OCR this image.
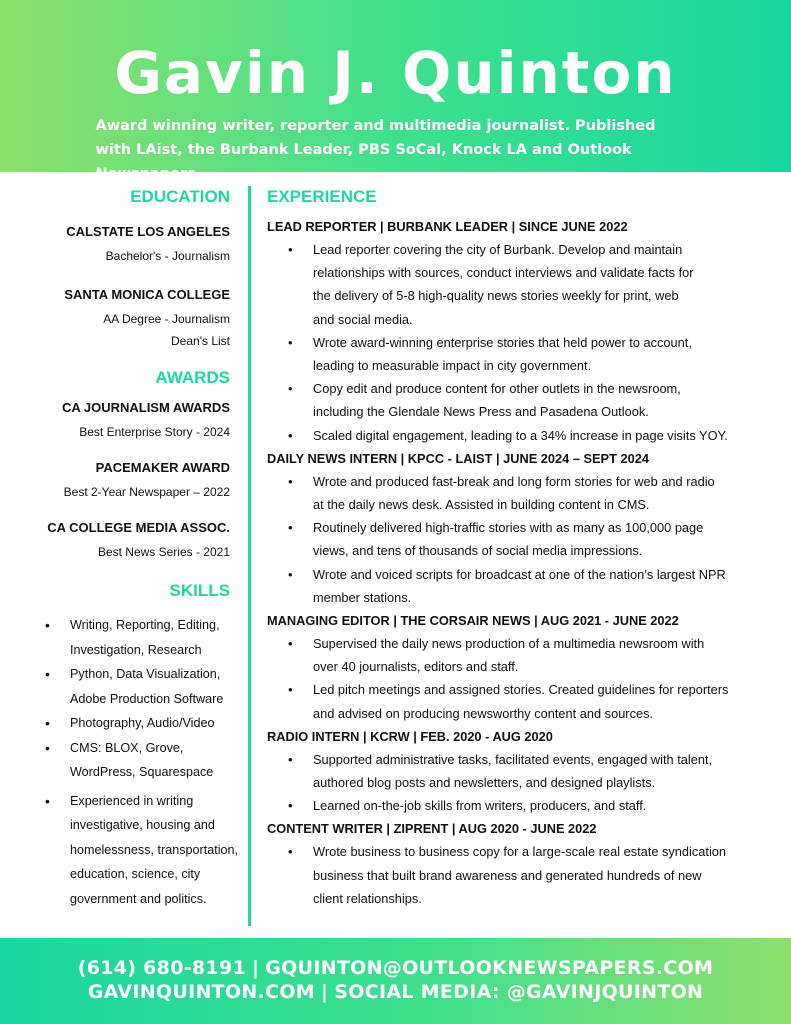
Gavin J. Quinton
Award winning writer, reporter and multimedia journalist. Published with LAist, the Burbank Leader, PBS SoCal, Knock LA and Outlook Newspapers
EDUCATION
CALSTATE LOS ANGELES
Bachelor's - Journalism
SANTA MONICA COLLEGE
AA Degree - Journalism
Dean's List
AWARDS
CA JOURNALISM AWARDS
Best Enterprise Story - 2024
PACEMAKER AWARD
Best 2-Year Newspaper – 2022
CA COLLEGE MEDIA ASSOC.
Best News Series - 2021
SKILLS
• Writing, Reporting, Editing,
Investigation, Research
• Python, Data Visualization,
Adobe Production Software
• Photography, Audio/Video
• CMS: BLOX, Grove,
WordPress, Squarespace
• Experienced in writing
investigative, housing and
homelessness, transportation,
education, science, city
government and politics.
EXPERIENCE
LEAD REPORTER | BURBANK LEADER | SINCE JUNE 2022
• Lead reporter covering the city of Burbank. Develop and maintain
relationships with sources, conduct interviews and validate facts for
the delivery of 5-8 high-quality news stories weekly for print, web
and social media.
• Wrote award-winning enterprise stories that held power to account,
leading to measurable impact in city government.
• Copy edit and produce content for other outlets in the newsroom,
including the Glendale News Press and Pasadena Outlook.
• Scaled digital engagement, leading to a 34% increase in page visits YOY.
DAILY NEWS INTERN | KPCC - LAIST | JUNE 2024 – SEPT 2024
• Wrote and produced fast-break and long form stories for web and radio
at the daily news desk. Assisted in building content in CMS.
• Routinely delivered high-traffic stories with as many as 100,000 page
views, and tens of thousands of social media impressions.
• Wrote and voiced scripts for broadcast at one of the nation’s largest NPR
member stations.
MANAGING EDITOR | THE CORSAIR NEWS | AUG 2021 - JUNE 2022
• Supervised the daily news production of a multimedia newsroom with
over 40 journalists, editors and staff.
• Led pitch meetings and assigned stories. Created guidelines for reporters
and advised on producing newsworthy content and sources.
RADIO INTERN | KCRW | FEB. 2020 - AUG 2020
• Supported administrative tasks, facilitated events, engaged with talent,
authored blog posts and newsletters, and designed playlists.
• Learned on-the-job skills from writers, producers, and staff.
CONTENT WRITER | ZIPRENT | AUG 2020 - JUNE 2022
• Wrote business to business copy for a large-scale real estate syndication
business that built brand awareness and generated hundreds of new
client relationships.
(614) 680-8191 | GQUINTON@OUTLOOKNEWSPAPERS.COM
GAVINQUINTON.COM | SOCIAL MEDIA: @GAVINJQUINTON
